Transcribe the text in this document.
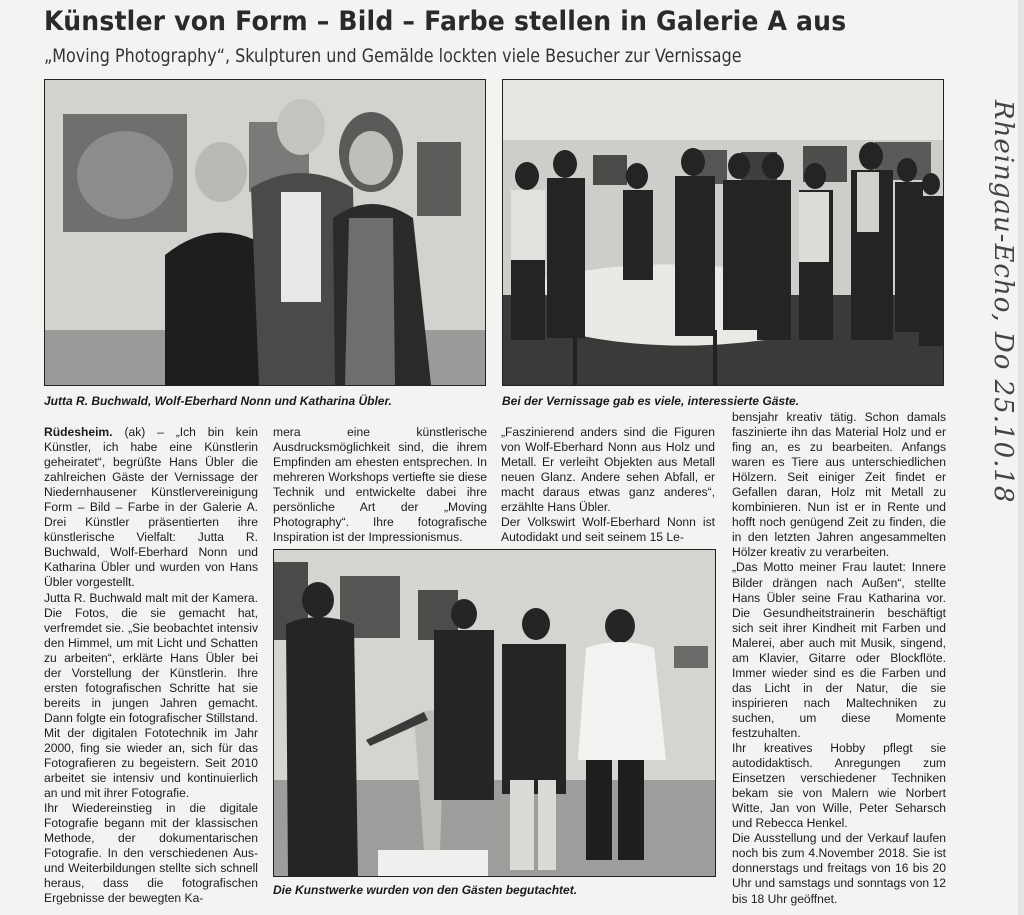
Künstler von Form – Bild – Farbe stellen in Galerie A aus
„Moving Photography“, Skulpturen und Gemälde lockten viele Besucher zur Vernissage
Jutta R. Buchwald, Wolf-Eberhard Nonn und Katharina Übler.	Bei der Vernissage gab es viele, interessierte Gäste.

Rüdesheim. (ak) – „Ich bin kein Künstler, ich habe eine Künstlerin geheiratet“, begrüßte Hans Übler die zahlreichen Gäste der Vernissage der Niedernhausener Künstlervereinigung Form – Bild – Farbe in der Galerie A. Drei Künstler präsentierten ihre künstlerische Vielfalt: Jutta R. Buchwald, Wolf-Eberhard Nonn und Katharina Übler und wurden von Hans Übler vorgestellt.

Jutta R. Buchwald malt mit der Kamera. Die Fotos, die sie gemacht hat, verfremdet sie. „Sie beobachtet intensiv den Himmel, um mit Licht und Schatten zu arbeiten“, erklärte Hans Übler bei der Vorstellung der Künstlerin. Ihre ersten fotografischen Schritte hat sie bereits in jungen Jahren gemacht. Dann folgte ein fotografischer Stillstand. Mit der digitalen Fototechnik im Jahr 2000, fing sie wieder an, sich für das Fotografieren zu begeistern. Seit 2010 arbeitet sie intensiv und kontinuierlich an und mit ihrer Fotografie.

Ihr Wiedereinstieg in die digitale Fotografie begann mit der klassischen Methode, der dokumentarischen Fotografie. In den verschiedenen Aus- und Weiterbildungen stellte sich schnell heraus, dass die fotografischen Ergebnisse der bewegten Ka-

mera eine künstlerische Ausdrucksmöglichkeit sind, die ihrem Empfinden am ehesten entsprechen. In mehreren Workshops vertiefte sie diese Technik und entwickelte dabei ihre persönliche Art der „Moving Photography“. Ihre fotografische Inspiration ist der Impressionismus.

„Faszinierend anders sind die Figuren von Wolf-Eberhard Nonn aus Holz und Metall. Er verleiht Objekten aus Metall neuen Glanz. Andere sehen Abfall, er macht daraus etwas ganz anderes“, erzählte Hans Übler.

Der Volkswirt Wolf-Eberhard Nonn ist Autodidakt und seit seinem 15 Le-

bensjahr kreativ tätig. Schon damals faszinierte ihn das Material Holz und er fing an, es zu bearbeiten. Anfangs waren es Tiere aus unterschiedlichen Hölzern. Seit einiger Zeit findet er Gefallen daran, Holz mit Metall zu kombinieren. Nun ist er in Rente und hofft noch genügend Zeit zu finden, die in den letzten Jahren angesammelten Hölzer kreativ zu verarbeiten.

„Das Motto meiner Frau lautet: Innere Bilder drängen nach Außen“, stellte Hans Übler seine Frau Katharina vor. Die Gesundheitstrainerin beschäftigt sich seit ihrer Kindheit mit Farben und Malerei, aber auch mit Musik, singend, am Klavier, Gitarre oder Blockflöte. Immer wieder sind es die Farben und das Licht in der Natur, die sie inspirieren nach Maltechniken zu suchen, um diese Momente festzuhalten.

Ihr kreatives Hobby pflegt sie autodidaktisch. Anregungen zum Einsetzen verschiedener Techniken bekam sie von Malern wie Norbert Witte, Jan von Wille, Peter Seharsch und Rebecca Henkel.

Die Ausstellung und der Verkauf laufen noch bis zum 4.November 2018. Sie ist donnerstags und freitags von 16 bis 20 Uhr und samstags und sonntags von 12 bis 18 Uhr geöffnet.

Die Kunstwerke wurden von den Gästen begutachtet.
Rheingau-Echo, Do 25.10.18
